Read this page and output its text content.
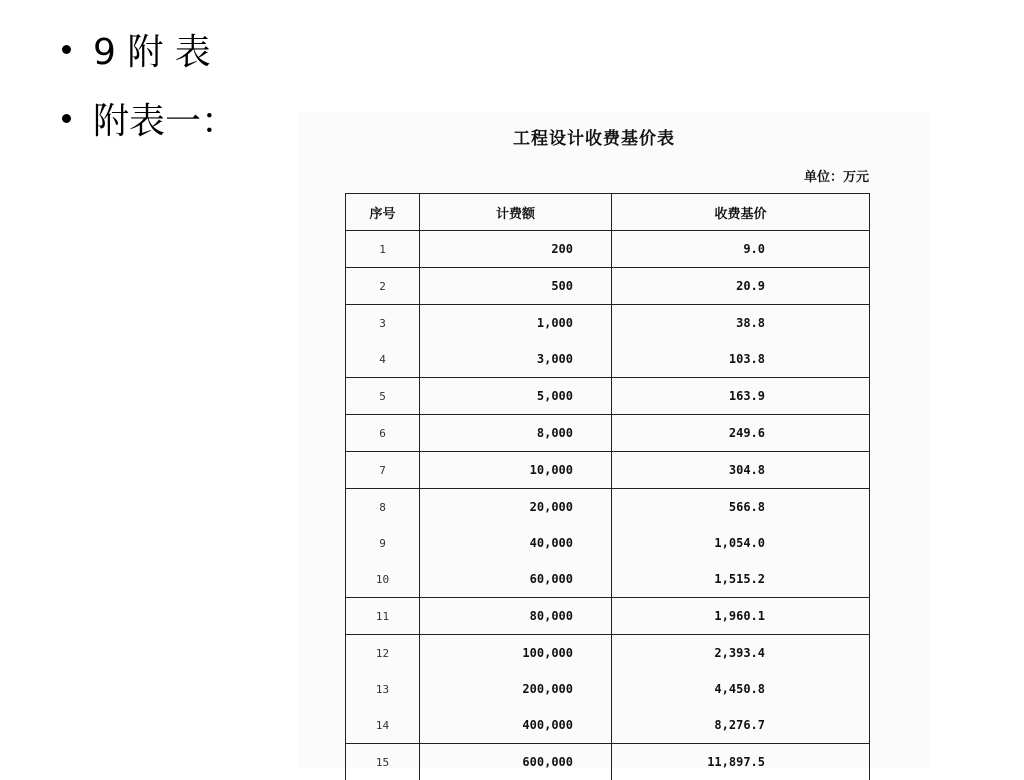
9 附 表
附表一：	工程设计收费基价表
单位：万元
序号	计费额	收费基价
1	200	9.0
2	500	20.9
3	1,000	38.8
4	3,000	103.8
5	5,000	163.9
6	8,000	249.6
7	10,000	304.8
8	20,000	566.8
9	40,000	1,054.0
10	60,000	1,515.2
11	80,000	1,960.1
12	100,000	2,393.4
13	200,000	4,450.8
14	400,000	8,276.7
15	600,000	11,897.5
